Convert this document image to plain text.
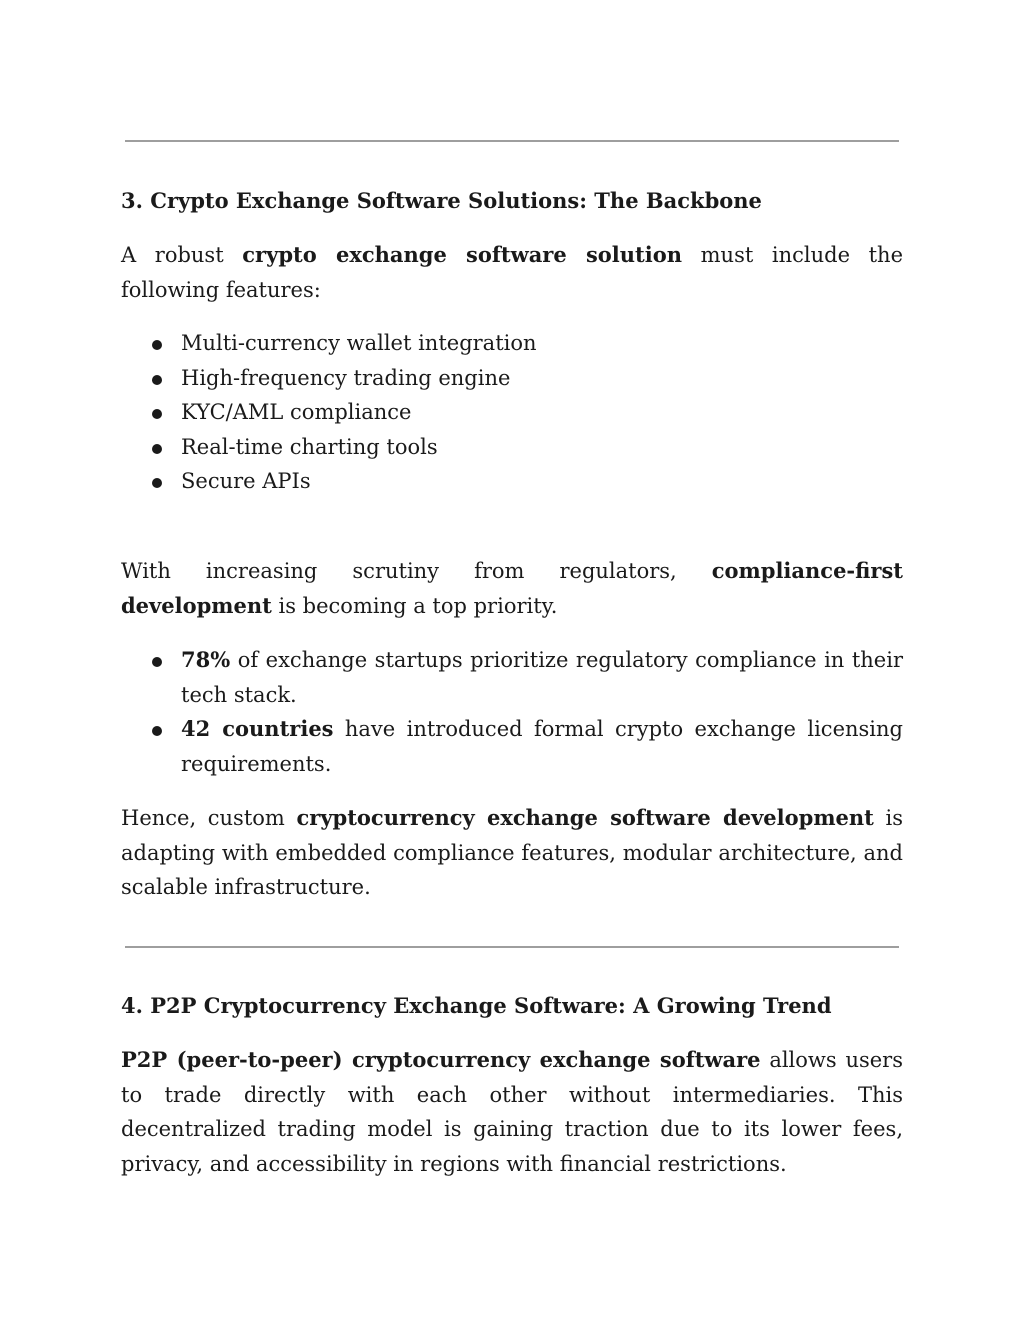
3. Crypto Exchange Software Solutions: The Backbone

A robust crypto exchange software solution must include the following features:

Multi-currency wallet integration
High-frequency trading engine
KYC/AML compliance
Real-time charting tools
Secure APIs

With increasing scrutiny from regulators, compliance-first development is becoming a top priority.

78% of exchange startups prioritize regulatory compliance in their tech stack.
42 countries have introduced formal crypto exchange licensing requirements.

Hence, custom cryptocurrency exchange software development is adapting with embedded compliance features, modular architecture, and scalable infrastructure.

4. P2P Cryptocurrency Exchange Software: A Growing Trend

P2P (peer-to-peer) cryptocurrency exchange software allows users to trade directly with each other without intermediaries. This decentralized trading model is gaining traction due to its lower fees, privacy, and accessibility in regions with financial restrictions.
